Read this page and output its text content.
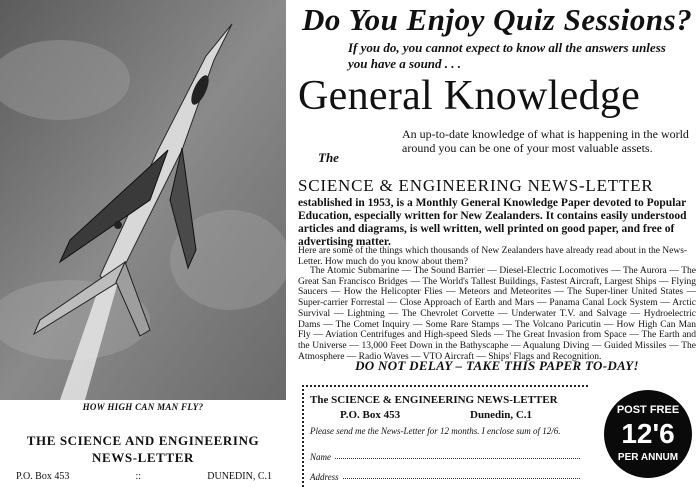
HOW HIGH CAN MAN FLY?
THE SCIENCE AND ENGINEERING
NEWS-LETTER
P.O. Box 453	::	DUNEDIN, C.1
Do You Enjoy Quiz Sessions?
If you do, you cannot expect to know all the answers unless you have a sound . . .
General Knowledge
The
An up-to-date knowledge of what is happening in the world around you can be one of your most valuable assets.
SCIENCE & ENGINEERING NEWS-LETTER
established in 1953, is a Monthly General Knowledge Paper devoted to Popular Education, especially written for New Zealanders. It contains easily understood articles and diagrams, is well written, well printed on good paper, and free of advertising matter.
Here are some of the things which thousands of New Zealanders have already read about in the News-Letter. How much do you know about them?
The Atomic Submarine — The Sound Barrier — Diesel-Electric Locomotives — The Aurora — The Great San Francisco Bridges — The World's Tallest Buildings, Fastest Aircraft, Largest Ships — Flying Saucers — How the Helicopter Flies — Meteors and Meteorites — The Super-liner United States — Super-carrier Forrestal — Close Approach of Earth and Mars — Panama Canal Lock System — Arctic Survival — Lightning — The Chevrolet Corvette — Underwater T.V. and Salvage — Hydroelectric Dams — The Comet Inquiry — Some Rare Stamps — The Volcano Paricutin — How High Can Man Fly — Aviation Centrifuges and High-speed Sleds — The Great Invasion from Space — The Earth and the Universe — 13,000 Feet Down in the Bathyscaphe — Aqualung Diving — Guided Missiles — The Atmosphere — Radio Waves — VTO Aircraft — Ships' Flags and Recognition.
DO NOT DELAY – TAKE THIS PAPER TO-DAY!
The SCIENCE & ENGINEERING NEWS-LETTER
P.O. Box 453	Dunedin, C.1
Please send me the News-Letter for 12 months. I enclose sum of 12/6.
Name
Address
POST FREE
12'6
PER ANNUM
